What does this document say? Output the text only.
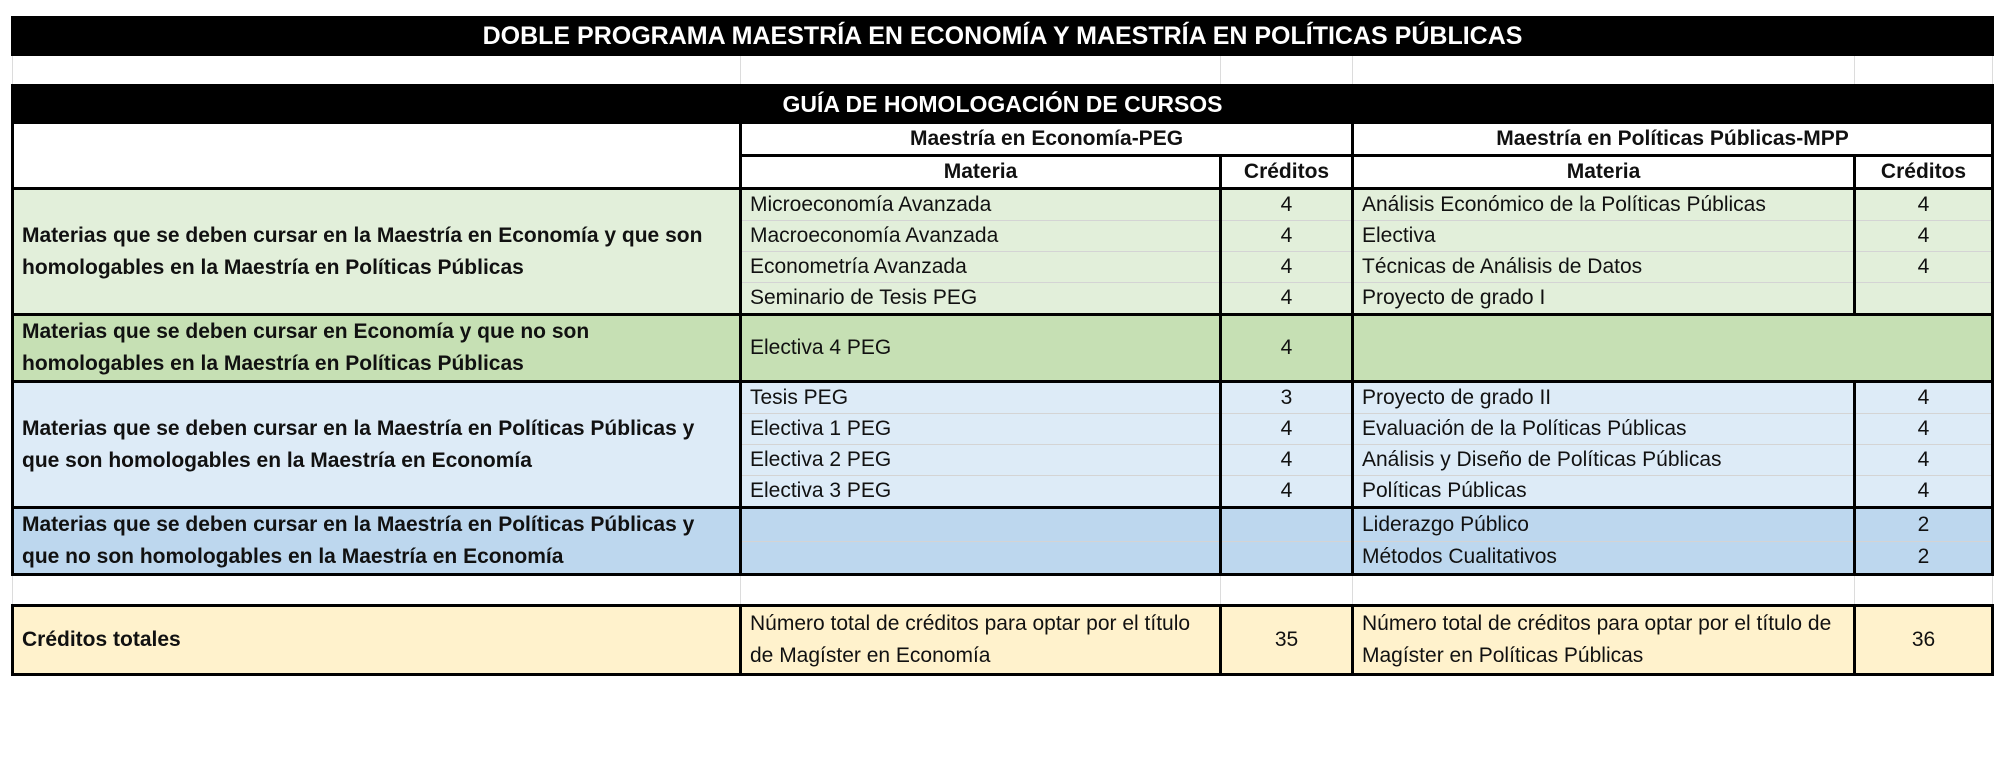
DOBLE PROGRAMA MAESTRÍA EN ECONOMÍA Y MAESTRÍA EN POLÍTICAS PÚBLICAS				

GUÍA DE HOMOLOGACIÓN DE CURSOS				
	Maestría en Economía-PEG		Maestría en Políticas Públicas-MPP	
	Materia	Créditos	Materia	Créditos
Materias que se deben cursar en la Maestría en Economía y que son homologables en la Maestría en Políticas Públicas	Microeconomía Avanzada	4	Análisis Económico de la Políticas Públicas	4
	Macroeconomía Avanzada	4	Electiva	4
	Econometría Avanzada	4	Técnicas de Análisis de Datos	4
	Seminario de Tesis PEG	4	Proyecto de grado I	
Materias que se deben cursar en Economía y que no son homologables en la Maestría en Políticas Públicas	Electiva 4 PEG	4		
Materias que se deben cursar en la Maestría en Políticas Públicas y que son homologables en la Maestría en Economía	Tesis PEG	3	Proyecto de grado II	4
	Electiva 1 PEG	4	Evaluación de la Políticas Públicas	4
	Electiva 2 PEG	4	Análisis y Diseño de Políticas Públicas	4
	Electiva 3 PEG	4	Políticas Públicas	4
Materias que se deben cursar en la Maestría en Políticas Públicas y que no son homologables en la Maestría en Economía			Liderazgo Público	2
			Métodos Cualitativos	2

Créditos totales	Número total de créditos para optar por el título de Magíster en Economía	35	Número total de créditos para optar por el título de Magíster en Políticas Públicas	36
